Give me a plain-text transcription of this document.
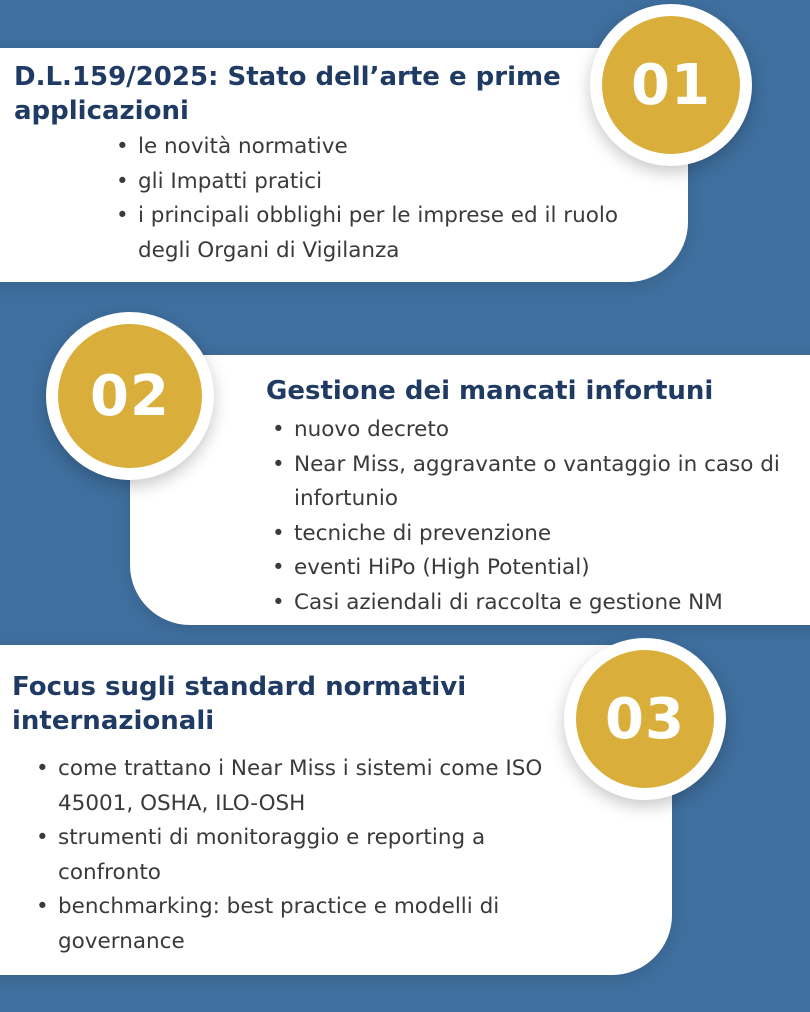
D.L.159/2025: Stato dell’arte e prime applicazioni
• le novità normative
• gli Impatti pratici
• i principali obblighi per le imprese ed il ruolo degli Organi di Vigilanza
01
Gestione dei mancati infortuni
• nuovo decreto
• Near Miss, aggravante o vantaggio in caso di infortunio
• tecniche di prevenzione
• eventi HiPo (High Potential)
• Casi aziendali di raccolta e gestione NM
02
Focus sugli standard normativi internazionali
• come trattano i Near Miss i sistemi come ISO 45001, OSHA, ILO-OSH
• strumenti di monitoraggio e reporting a confronto
• benchmarking: best practice e modelli di governance
03
